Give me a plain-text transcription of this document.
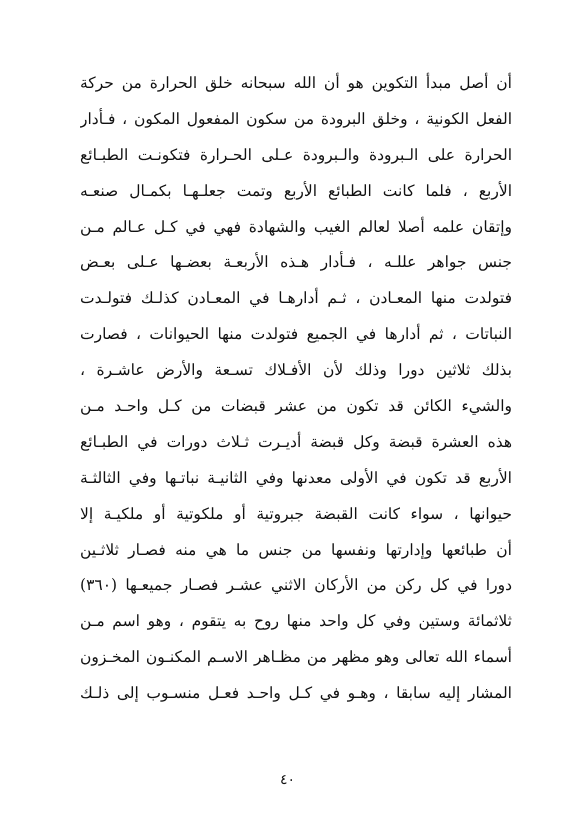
أن أصل مبدأ التكوين هو أن الله سبحانه خلق الحرارة من حركة
الفعل الكونية ، وخلق البرودة من سكون المفعول المكون ، فـأدار
الحرارة على الـبرودة والـبرودة عـلى الحـرارة فتكونـت الطبـائع
الأربع ، فلما كانت الطبائع الأربع وتمت جعلـهـا بكمـال صنعـه
وإتقان علمه أصلا لعالم الغيب والشهادة فهي في كـل عـالم مـن
جنس جواهر عللـه ، فـأدار هـذه الأربعـة بعضـها عـلى بعـض
فتولدت منها المعـادن ، ثـم أدارهـا في المعـادن كذلـك فتولـدت
النباتات ، ثم أدارها في الجميع فتولدت منها الحيوانات ، فصارت
بذلك ثلاثين دورا وذلك لأن الأفـلاك تسـعة والأرض عاشـرة ،
والشيء الكائن قد تكون من عشر قبضات من كـل واحـد مـن
هذه العشرة قبضة وكل قبضة أديـرت ثـلاث دورات في الطبـائع
الأربع قد تكون في الأولى معدنها وفي الثانيـة نباتـها وفي الثالثـة
حيوانها ، سواء كانت القبضة جبروتية أو ملكوتية أو ملكيـة إلا
أن طبائعها وإدارتها ونفسها من جنس ما هي منه فصـار ثلاثـين
دورا في كل ركن من الأركان الاثني عشـر فصـار جميعـها (٣٦٠)
ثلاثمائة وستين وفي كل واحد منها روح به يتقوم ، وهو اسم مـن
أسماء الله تعالى وهو مظهر من مظـاهر الاسـم المكنـون المخـزون
المشار إليه سابقا ، وهـو في كـل واحـد فعـل منسـوب إلى ذلـك
٤٠
